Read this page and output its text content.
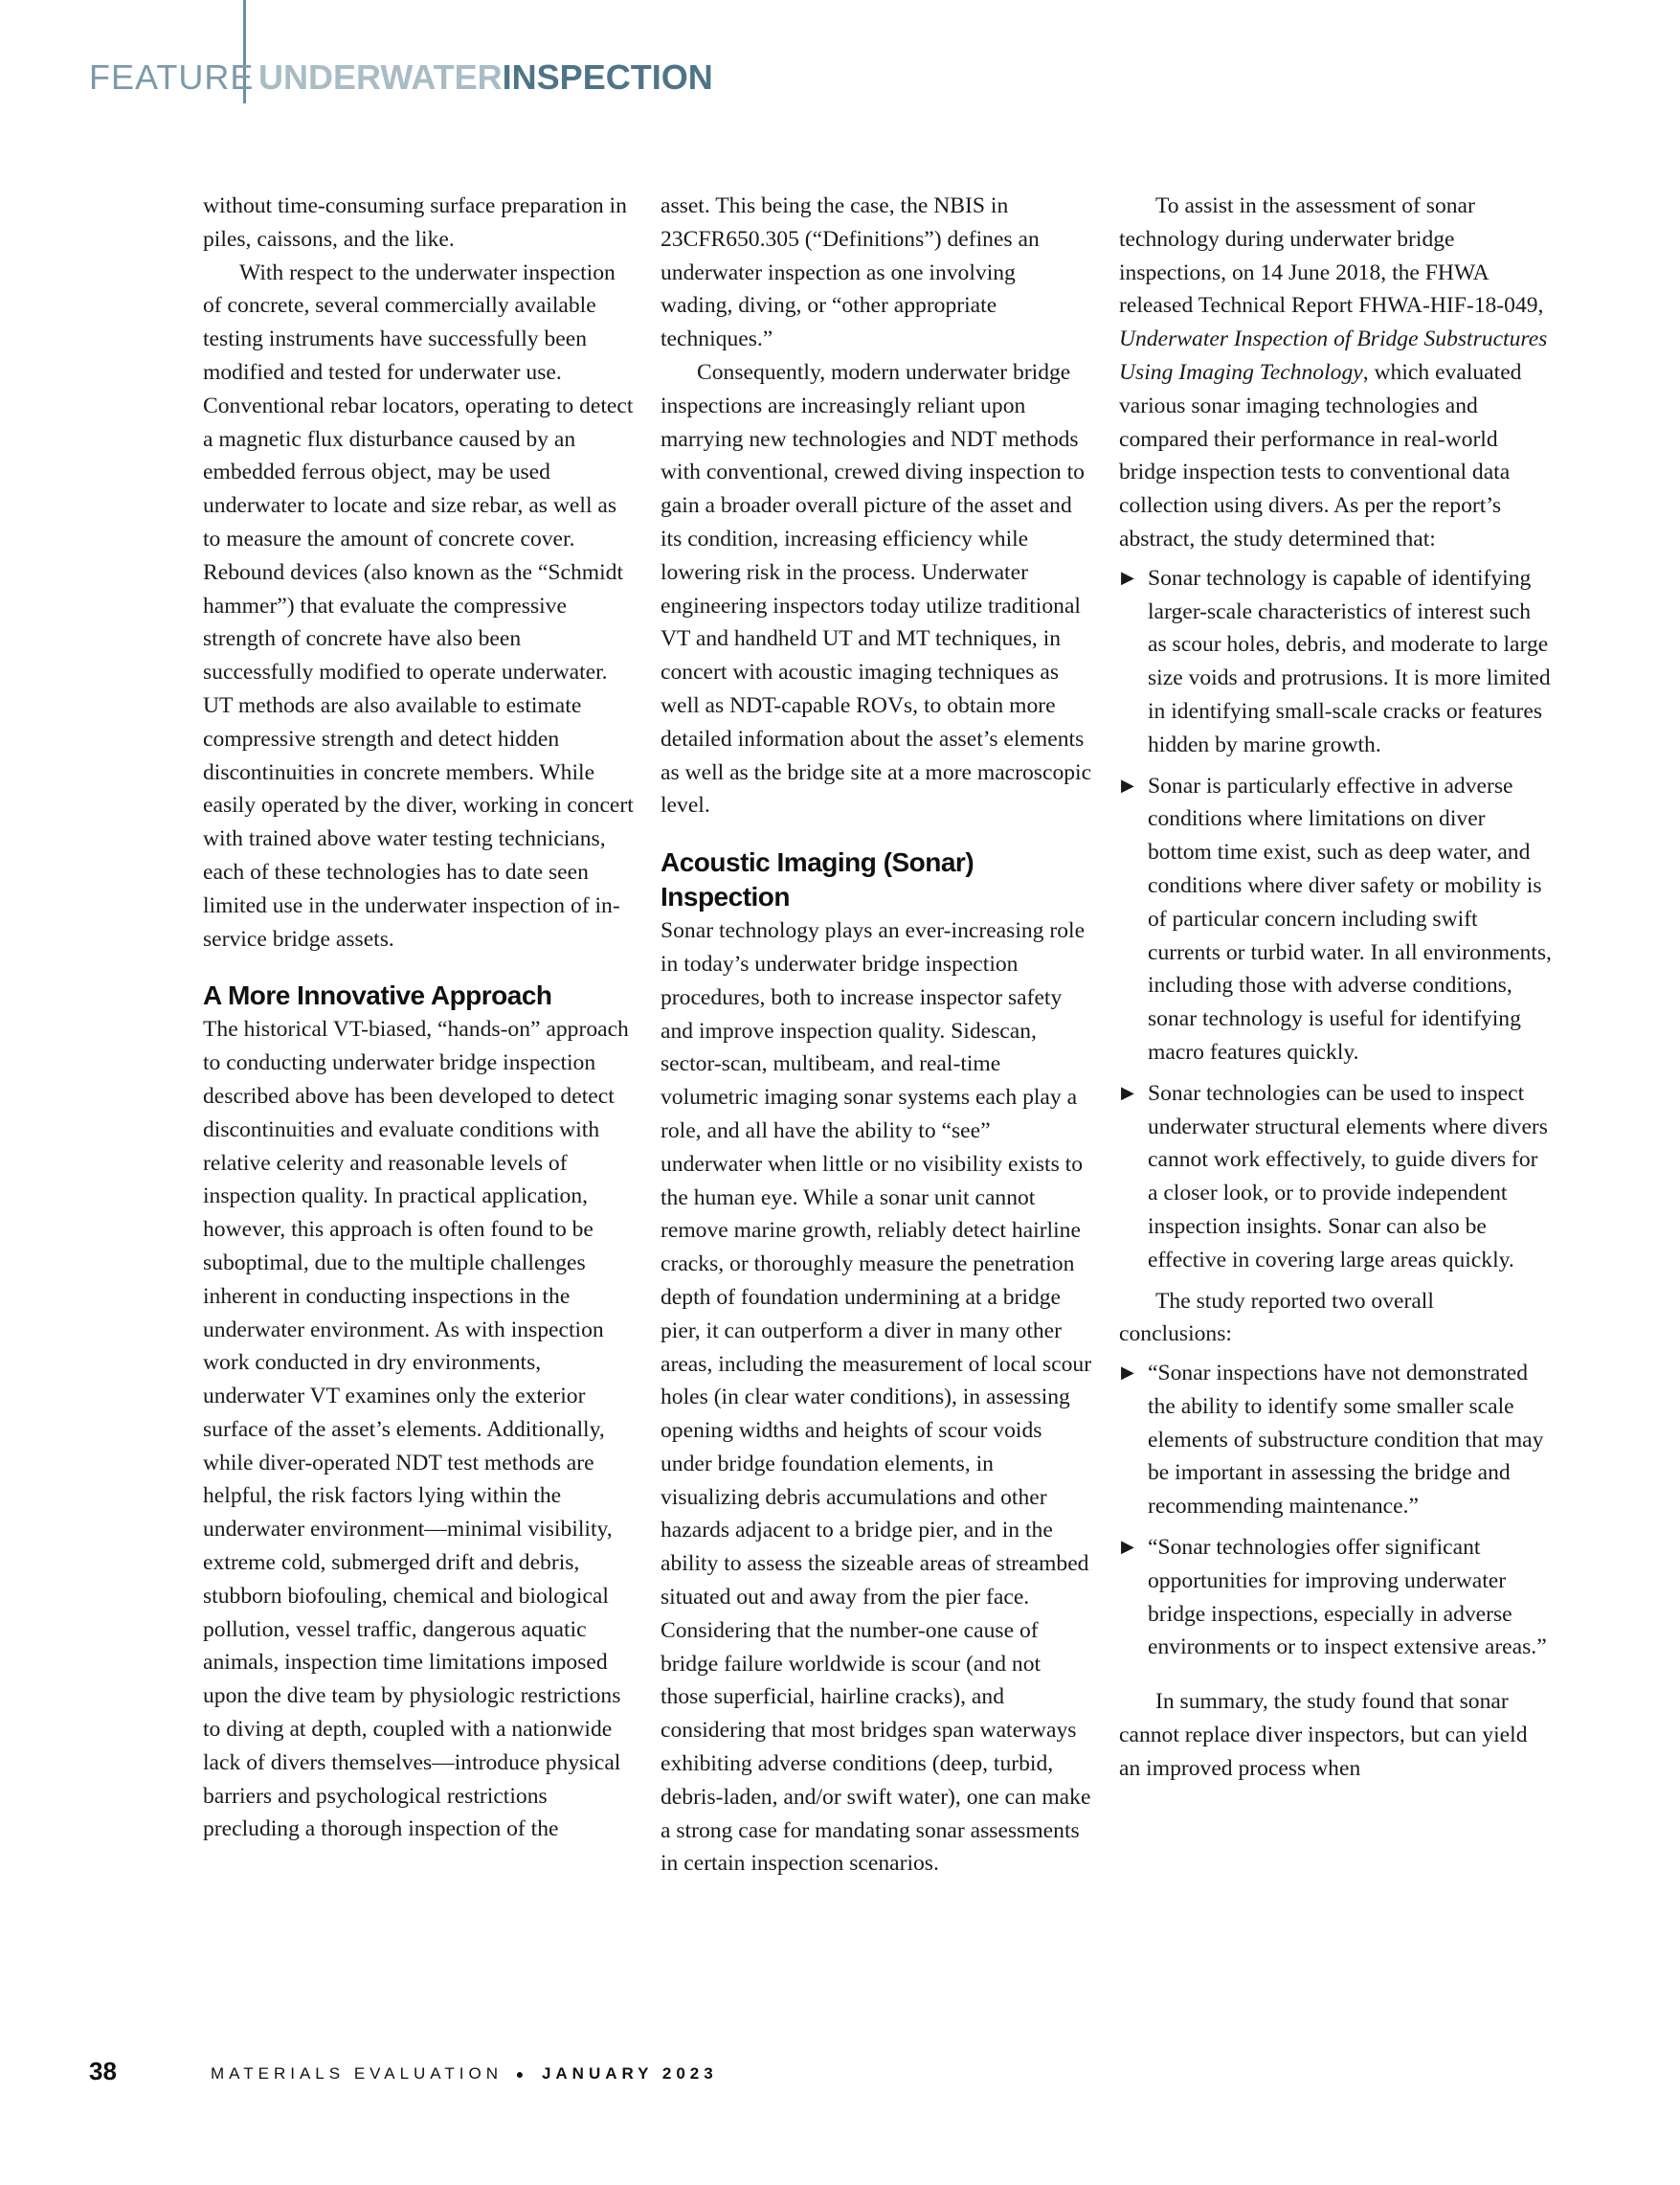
FEATURE UNDERWATERINSPECTION

without time-consuming surface preparation in piles, caissons, and the like.

With respect to the underwater inspection of concrete, several commercially available testing instruments have successfully been modified and tested for underwater use. Conventional rebar locators, operating to detect a magnetic flux disturbance caused by an embedded ferrous object, may be used underwater to locate and size rebar, as well as to measure the amount of concrete cover. Rebound devices (also known as the “Schmidt hammer”) that evaluate the compressive strength of concrete have also been successfully modified to operate underwater. UT methods are also available to estimate compressive strength and detect hidden discontinuities in concrete members. While easily operated by the diver, working in concert with trained above water testing technicians, each of these technologies has to date seen limited use in the underwater inspection of in-service bridge assets.

A More Innovative Approach

The historical VT-biased, “hands-on” approach to conducting underwater bridge inspection described above has been developed to detect discontinuities and evaluate conditions with relative celerity and reasonable levels of inspection quality. In practical application, however, this approach is often found to be suboptimal, due to the multiple challenges inherent in conducting inspections in the underwater environment. As with inspection work conducted in dry environments, underwater VT examines only the exterior surface of the asset’s elements. Additionally, while diver-operated NDT test methods are helpful, the risk factors lying within the underwater environment—minimal visibility, extreme cold, submerged drift and debris, stubborn biofouling, chemical and biological pollution, vessel traffic, dangerous aquatic animals, inspection time limitations imposed upon the dive team by physiologic restrictions to diving at depth, coupled with a nationwide lack of divers themselves—introduce physical barriers and psychological restrictions precluding a thorough inspection of the

asset. This being the case, the NBIS in 23CFR650.305 (“Definitions”) defines an underwater inspection as one involving wading, diving, or “other appropriate techniques.”

Consequently, modern underwater bridge inspections are increasingly reliant upon marrying new technologies and NDT methods with conventional, crewed diving inspection to gain a broader overall picture of the asset and its condition, increasing efficiency while lowering risk in the process. Underwater engineering inspectors today utilize traditional VT and handheld UT and MT techniques, in concert with acoustic imaging techniques as well as NDT-capable ROVs, to obtain more detailed information about the asset’s elements as well as the bridge site at a more macroscopic level.

Acoustic Imaging (Sonar) Inspection

Sonar technology plays an ever-increasing role in today’s underwater bridge inspection procedures, both to increase inspector safety and improve inspection quality. Sidescan, sector-scan, multibeam, and real-time volumetric imaging sonar systems each play a role, and all have the ability to “see” underwater when little or no visibility exists to the human eye. While a sonar unit cannot remove marine growth, reliably detect hairline cracks, or thoroughly measure the penetration depth of foundation undermining at a bridge pier, it can outperform a diver in many other areas, including the measurement of local scour holes (in clear water conditions), in assessing opening widths and heights of scour voids under bridge foundation elements, in visualizing debris accumulations and other hazards adjacent to a bridge pier, and in the ability to assess the sizeable areas of streambed situated out and away from the pier face. Considering that the number-one cause of bridge failure worldwide is scour (and not those superficial, hairline cracks), and considering that most bridges span waterways exhibiting adverse conditions (deep, turbid, debris-laden, and/or swift water), one can make a strong case for mandating sonar assessments in certain inspection scenarios.

To assist in the assessment of sonar technology during underwater bridge inspections, on 14 June 2018, the FHWA released Technical Report FHWA-HIF-18-049, Underwater Inspection of Bridge Substructures Using Imaging Technology, which evaluated various sonar imaging technologies and compared their performance in real-world bridge inspection tests to conventional data collection using divers. As per the report’s abstract, the study determined that:

▶ Sonar technology is capable of identifying larger-scale characteristics of interest such as scour holes, debris, and moderate to large size voids and protrusions. It is more limited in identifying small-scale cracks or features hidden by marine growth.
▶ Sonar is particularly effective in adverse conditions where limitations on diver bottom time exist, such as deep water, and conditions where diver safety or mobility is of particular concern including swift currents or turbid water. In all environments, including those with adverse conditions, sonar technology is useful for identifying macro features quickly.
▶ Sonar technologies can be used to inspect underwater structural elements where divers cannot work effectively, to guide divers for a closer look, or to provide independent inspection insights. Sonar can also be effective in covering large areas quickly.

The study reported two overall conclusions:

▶ “Sonar inspections have not demonstrated the ability to identify some smaller scale elements of substructure condition that may be important in assessing the bridge and recommending maintenance.”
▶ “Sonar technologies offer significant opportunities for improving underwater bridge inspections, especially in adverse environments or to inspect extensive areas.”

In summary, the study found that sonar cannot replace diver inspectors, but can yield an improved process when

38	MATERIALS EVALUATION ● JANUARY 2023
